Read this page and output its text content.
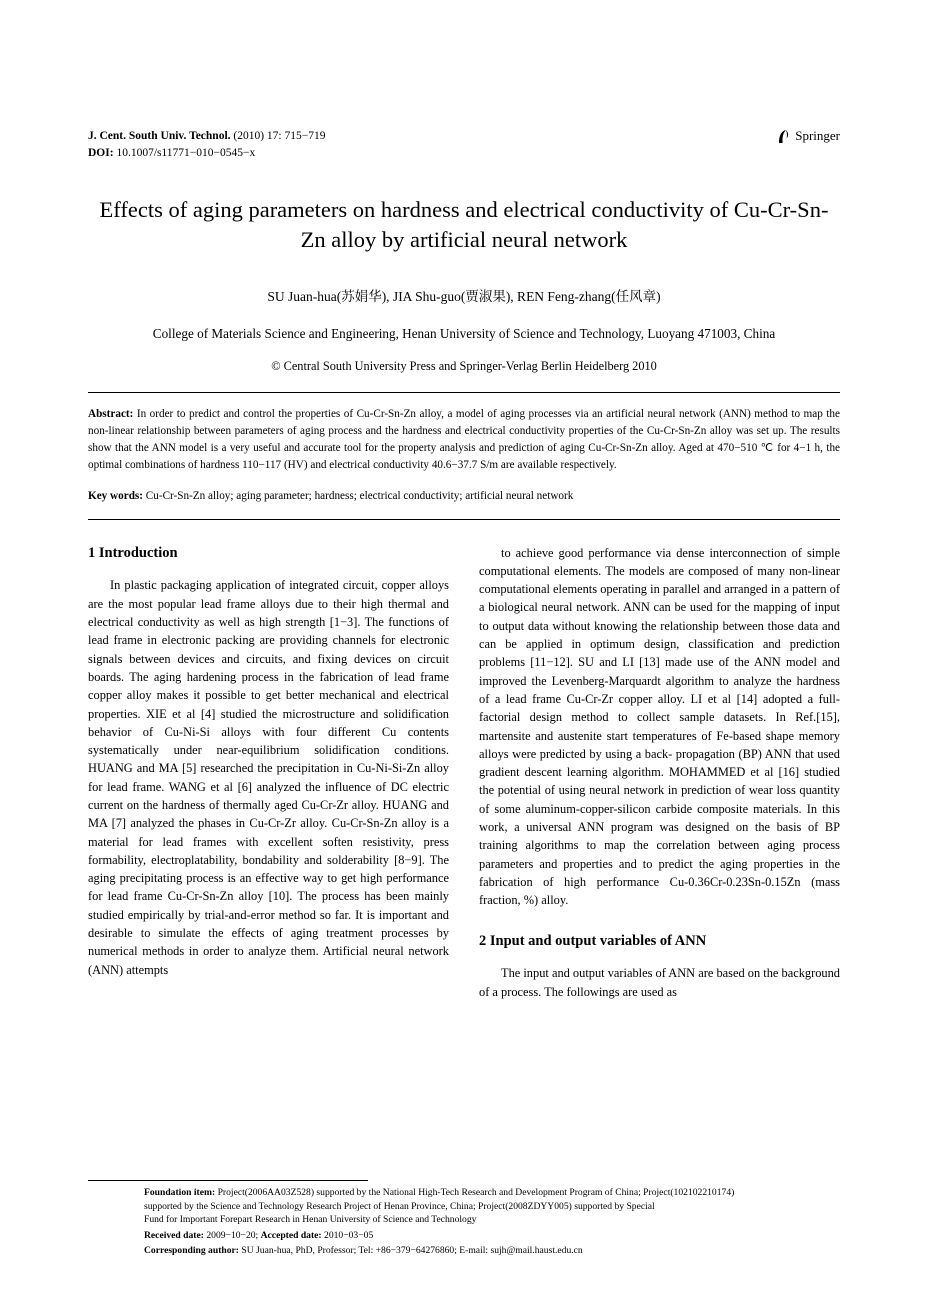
J. Cent. South Univ. Technol. (2010) 17: 715−719
DOI: 10.1007/s11771−010−0545−x
Springer
Effects of aging parameters on hardness and electrical conductivity of Cu-Cr-Sn-Zn alloy by artificial neural network
SU Juan-hua(苏娟华), JIA Shu-guo(贾淑果), REN Feng-zhang(任风章)
College of Materials Science and Engineering, Henan University of Science and Technology, Luoyang 471003, China
© Central South University Press and Springer-Verlag Berlin Heidelberg 2010
Abstract: In order to predict and control the properties of Cu-Cr-Sn-Zn alloy, a model of aging processes via an artificial neural network (ANN) method to map the non-linear relationship between parameters of aging process and the hardness and electrical conductivity properties of the Cu-Cr-Sn-Zn alloy was set up. The results show that the ANN model is a very useful and accurate tool for the property analysis and prediction of aging Cu-Cr-Sn-Zn alloy. Aged at 470−510 ℃ for 4−1 h, the optimal combinations of hardness 110−117 (HV) and electrical conductivity 40.6−37.7 S/m are available respectively.
Key words: Cu-Cr-Sn-Zn alloy; aging parameter; hardness; electrical conductivity; artificial neural network
1 Introduction

In plastic packaging application of integrated circuit, copper alloys are the most popular lead frame alloys due to their high thermal and electrical conductivity as well as high strength [1−3]. The functions of lead frame in electronic packing are providing channels for electronic signals between devices and circuits, and fixing devices on circuit boards. The aging hardening process in the fabrication of lead frame copper alloy makes it possible to get better mechanical and electrical properties. XIE et al [4] studied the microstructure and solidification behavior of Cu-Ni-Si alloys with four different Cu contents systematically under near-equilibrium solidification conditions. HUANG and MA [5] researched the precipitation in Cu-Ni-Si-Zn alloy for lead frame. WANG et al [6] analyzed the influence of DC electric current on the hardness of thermally aged Cu-Cr-Zr alloy. HUANG and MA [7] analyzed the phases in Cu-Cr-Zr alloy. Cu-Cr-Sn-Zn alloy is a material for lead frames with excellent soften resistivity, press formability, electroplatability, bondability and solderability [8−9]. The aging precipitating process is an effective way to get high performance for lead frame Cu-Cr-Sn-Zn alloy [10]. The process has been mainly studied empirically by trial-and-error method so far. It is important and desirable to simulate the effects of aging treatment processes by numerical methods in order to analyze them. Artificial neural network (ANN) attempts

to achieve good performance via dense interconnection of simple computational elements. The models are composed of many non-linear computational elements operating in parallel and arranged in a pattern of a biological neural network. ANN can be used for the mapping of input to output data without knowing the relationship between those data and can be applied in optimum design, classification and prediction problems [11−12]. SU and LI [13] made use of the ANN model and improved the Levenberg-Marquardt algorithm to analyze the hardness of a lead frame Cu-Cr-Zr copper alloy. LI et al [14] adopted a full-factorial design method to collect sample datasets. In Ref.[15], martensite and austenite start temperatures of Fe-based shape memory alloys were predicted by using a back- propagation (BP) ANN that used gradient descent learning algorithm. MOHAMMED et al [16] studied the potential of using neural network in prediction of wear loss quantity of some aluminum-copper-silicon carbide composite materials. In this work, a universal ANN program was designed on the basis of BP training algorithms to map the correlation between aging process parameters and properties and to predict the aging properties in the fabrication of high performance Cu-0.36Cr-0.23Sn-0.15Zn (mass fraction, %) alloy.

2 Input and output variables of ANN

The input and output variables of ANN are based on the background of a process. The followings are used as

Foundation item: Project(2006AA03Z528) supported by the National High-Tech Research and Development Program of China; Project(102102210174)
supported by the Science and Technology Research Project of Henan Province, China; Project(2008ZDYY005) supported by Special
Fund for Important Forepart Research in Henan University of Science and Technology
Received date: 2009−10−20; Accepted date: 2010−03−05
Corresponding author: SU Juan-hua, PhD, Professor; Tel: +86−379−64276860; E-mail: sujh@mail.haust.edu.cn
